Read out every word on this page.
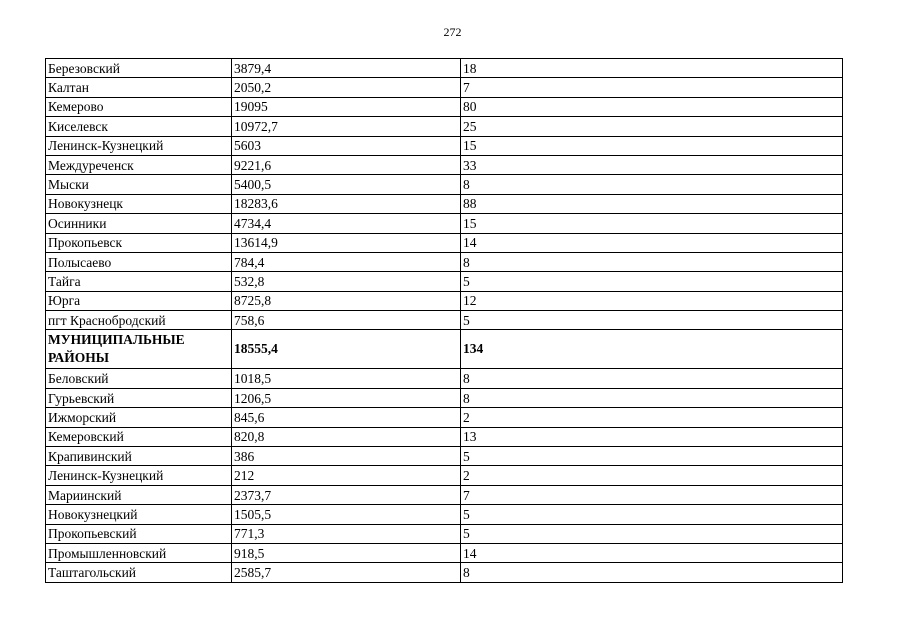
272
Березовский	3879,4	18
Калтан	2050,2	7
Кемерово	19095	80
Киселевск	10972,7	25
Ленинск-Кузнецкий	5603	15
Междуреченск	9221,6	33
Мыски	5400,5	8
Новокузнецк	18283,6	88
Осинники	4734,4	15
Прокопьевск	13614,9	14
Полысаево	784,4	8
Тайга	532,8	5
Юрга	8725,8	12
пгт Краснобродский	758,6	5
МУНИЦИПАЛЬНЫЕ РАЙОНЫ	18555,4	134
Беловский	1018,5	8
Гурьевский	1206,5	8
Ижморский	845,6	2
Кемеровский	820,8	13
Крапивинский	386	5
Ленинск-Кузнецкий	212	2
Мариинский	2373,7	7
Новокузнецкий	1505,5	5
Прокопьевский	771,3	5
Промышленновский	918,5	14
Таштагольский	2585,7	8
